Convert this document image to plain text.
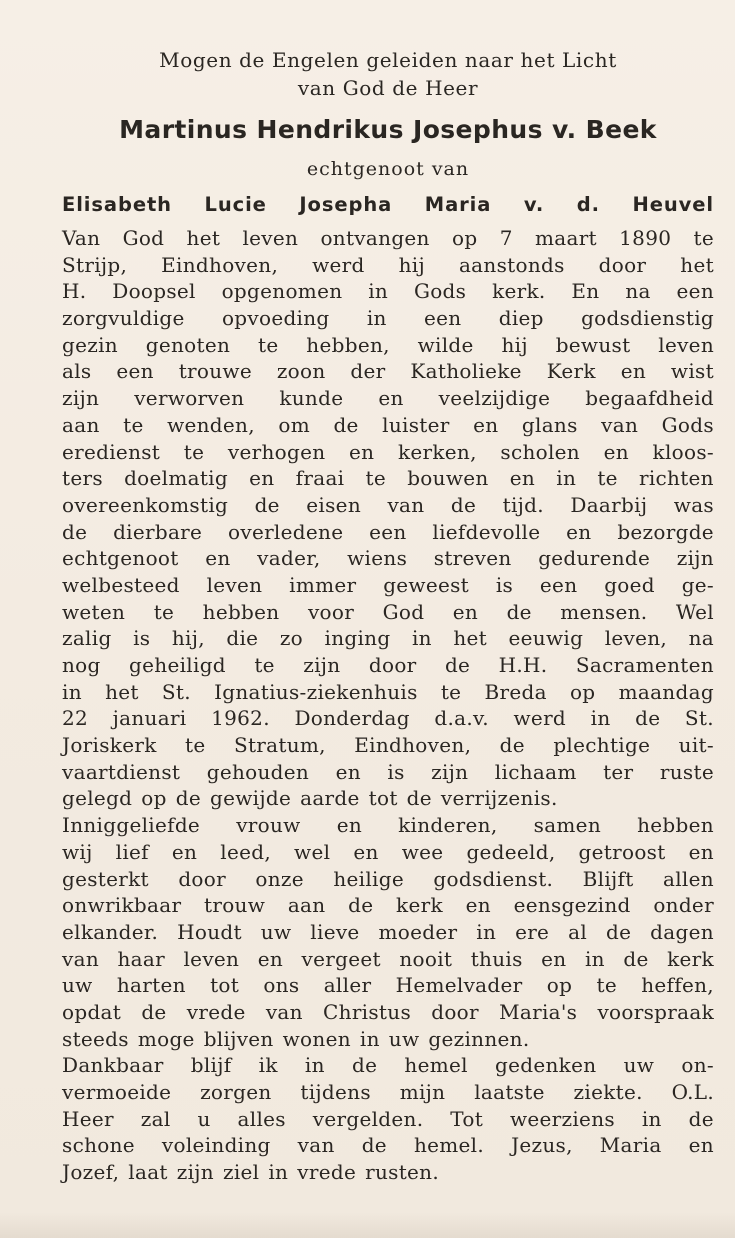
Mogen de Engelen geleiden naar het Licht

van God de Heer

Martinus Hendrikus Josephus v. Beek

echtgenoot van

Elisabeth Lucie Josepha Maria v. d. Heuvel
Van God het leven ontvangen op 7 maart 1890 te
Strijp, Eindhoven, werd hij aanstonds door het
H. Doopsel opgenomen in Gods kerk. En na een
zorgvuldige opvoeding in een diep godsdienstig
gezin genoten te hebben, wilde hij bewust leven
als een trouwe zoon der Katholieke Kerk en wist
zijn verworven kunde en veelzijdige begaafdheid
aan te wenden, om de luister en glans van Gods
eredienst te verhogen en kerken, scholen en kloos-
ters doelmatig en fraai te bouwen en in te richten
overeenkomstig de eisen van de tijd. Daarbij was
de dierbare overledene een liefdevolle en bezorgde
echtgenoot en vader, wiens streven gedurende zijn
welbesteed leven immer geweest is een goed ge-
weten te hebben voor God en de mensen. Wel
zalig is hij, die zo inging in het eeuwig leven, na
nog geheiligd te zijn door de H.H. Sacramenten
in het St. Ignatius-ziekenhuis te Breda op maandag
22 januari 1962. Donderdag d.a.v. werd in de St.
Joriskerk te Stratum, Eindhoven, de plechtige uit-
vaartdienst gehouden en is zijn lichaam ter ruste
gelegd op de gewijde aarde tot de verrijzenis.
Inniggeliefde vrouw en kinderen, samen hebben
wij lief en leed, wel en wee gedeeld, getroost en
gesterkt door onze heilige godsdienst. Blijft allen
onwrikbaar trouw aan de kerk en eensgezind onder
elkander. Houdt uw lieve moeder in ere al de dagen
van haar leven en vergeet nooit thuis en in de kerk
uw harten tot ons aller Hemelvader op te heffen,
opdat de vrede van Christus door Maria's voorspraak
steeds moge blijven wonen in uw gezinnen.
Dankbaar blijf ik in de hemel gedenken uw on-
vermoeide zorgen tijdens mijn laatste ziekte. O.L.
Heer zal u alles vergelden. Tot weerziens in de
schone voleinding van de hemel. Jezus, Maria en
Jozef, laat zijn ziel in vrede rusten.
